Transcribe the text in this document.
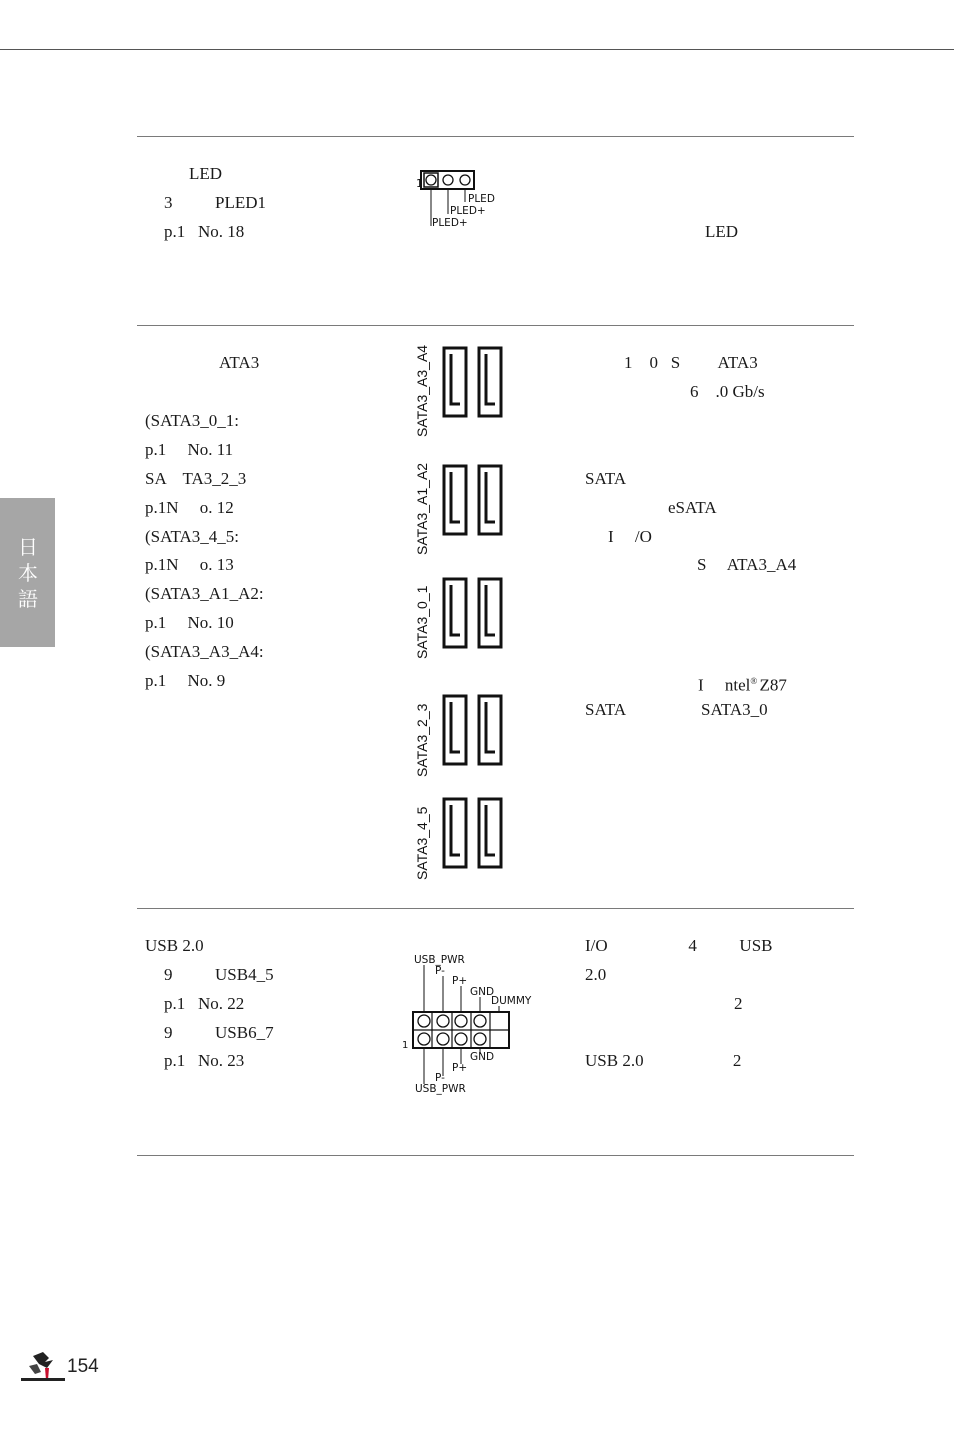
日本語
LED
3          PLED1
p.1   No. 18
1
PLED
PLED+
PLED+	LED
ATA3
(SATA3_0_1:
p.1     No. 11
SA    TA3_2_3
p.1N     o. 12
(SATA3_4_5:
p.1N     o. 13
(SATA3_A1_A2:
p.1     No. 10
(SATA3_A3_A4:
p.1     No. 9
SATA3_A3_A4
SATA3_A1_A2
SATA3_0_1
SATA3_2_3
SATA3_4_5
1    0   S         ATA3
6    .0 Gb/s
SATA
eSATA
I     /O
S     ATA3_A4
I     ntel® Z87
SATA	SATA3_0
USB 2.0
9          USB4_5
p.1   No. 22
9          USB6_7
p.1   No. 23
USB_PWR
P-
P+
GND
DUMMY
1
GND
P+
P-
USB_PWR
I/O                   4          USB
2.0
2
USB 2.0                     2
154
